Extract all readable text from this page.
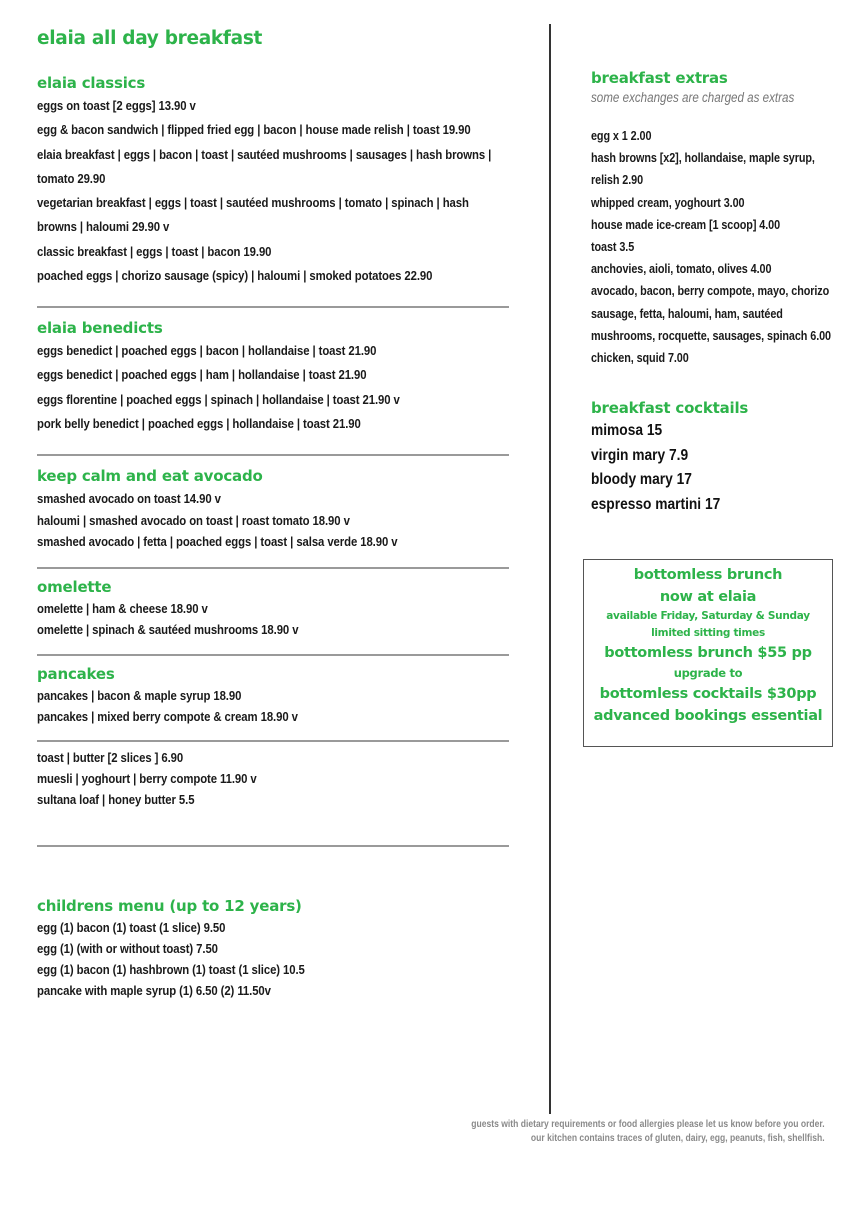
elaia all day breakfast
elaia classics

eggs on toast [2 eggs] 13.90 v

egg & bacon sandwich | flipped fried egg | bacon | house made relish | toast 19.90

elaia breakfast | eggs | bacon | toast | sautéed mushrooms | sausages | hash browns |

tomato 29.90

vegetarian breakfast | eggs | toast | sautéed mushrooms | tomato | spinach | hash

browns | haloumi 29.90 v

classic breakfast | eggs | toast | bacon 19.90

poached eggs | chorizo sausage (spicy) | haloumi | smoked potatoes 22.90

elaia benedicts

eggs benedict | poached eggs | bacon | hollandaise | toast 21.90

eggs benedict | poached eggs | ham | hollandaise | toast 21.90

eggs florentine | poached eggs | spinach | hollandaise | toast 21.90 v

pork belly benedict | poached eggs | hollandaise | toast 21.90

keep calm and eat avocado

smashed avocado on toast 14.90 v

haloumi | smashed avocado on toast | roast tomato 18.90 v

smashed avocado | fetta | poached eggs | toast | salsa verde 18.90 v

omelette

omelette | ham & cheese 18.90 v

omelette | spinach & sautéed mushrooms 18.90 v

pancakes

pancakes | bacon & maple syrup 18.90

pancakes | mixed berry compote & cream 18.90 v

toast | butter [2 slices ] 6.90

muesli | yoghourt | berry compote 11.90 v

sultana loaf | honey butter 5.5

childrens menu (up to 12 years)

egg (1) bacon (1) toast (1 slice) 9.50

egg (1) (with or without toast) 7.50

egg (1) bacon (1) hashbrown (1) toast (1 slice) 10.5

pancake with maple syrup (1) 6.50 (2) 11.50v

breakfast extras

some exchanges are charged as extras

egg x 1 2.00

hash browns [x2], hollandaise, maple syrup,

relish 2.90

whipped cream, yoghourt 3.00

house made ice-cream [1 scoop] 4.00

toast 3.5

anchovies, aioli, tomato, olives 4.00

avocado, bacon, berry compote, mayo, chorizo

sausage, fetta, haloumi, ham, sautéed

mushrooms, rocquette, sausages, spinach 6.00

chicken, squid 7.00

breakfast cocktails

mimosa 15

virgin mary 7.9

bloody mary 17

espresso martini 17

bottomless brunch
now at elaia
available Friday, Saturday & Sunday
limited sitting times
bottomless brunch $55 pp
upgrade to
bottomless cocktails $30pp
advanced bookings essential
guests with dietary requirements or food allergies please let us know before you order.
our kitchen contains traces of gluten, dairy, egg, peanuts, fish, shellfish.
